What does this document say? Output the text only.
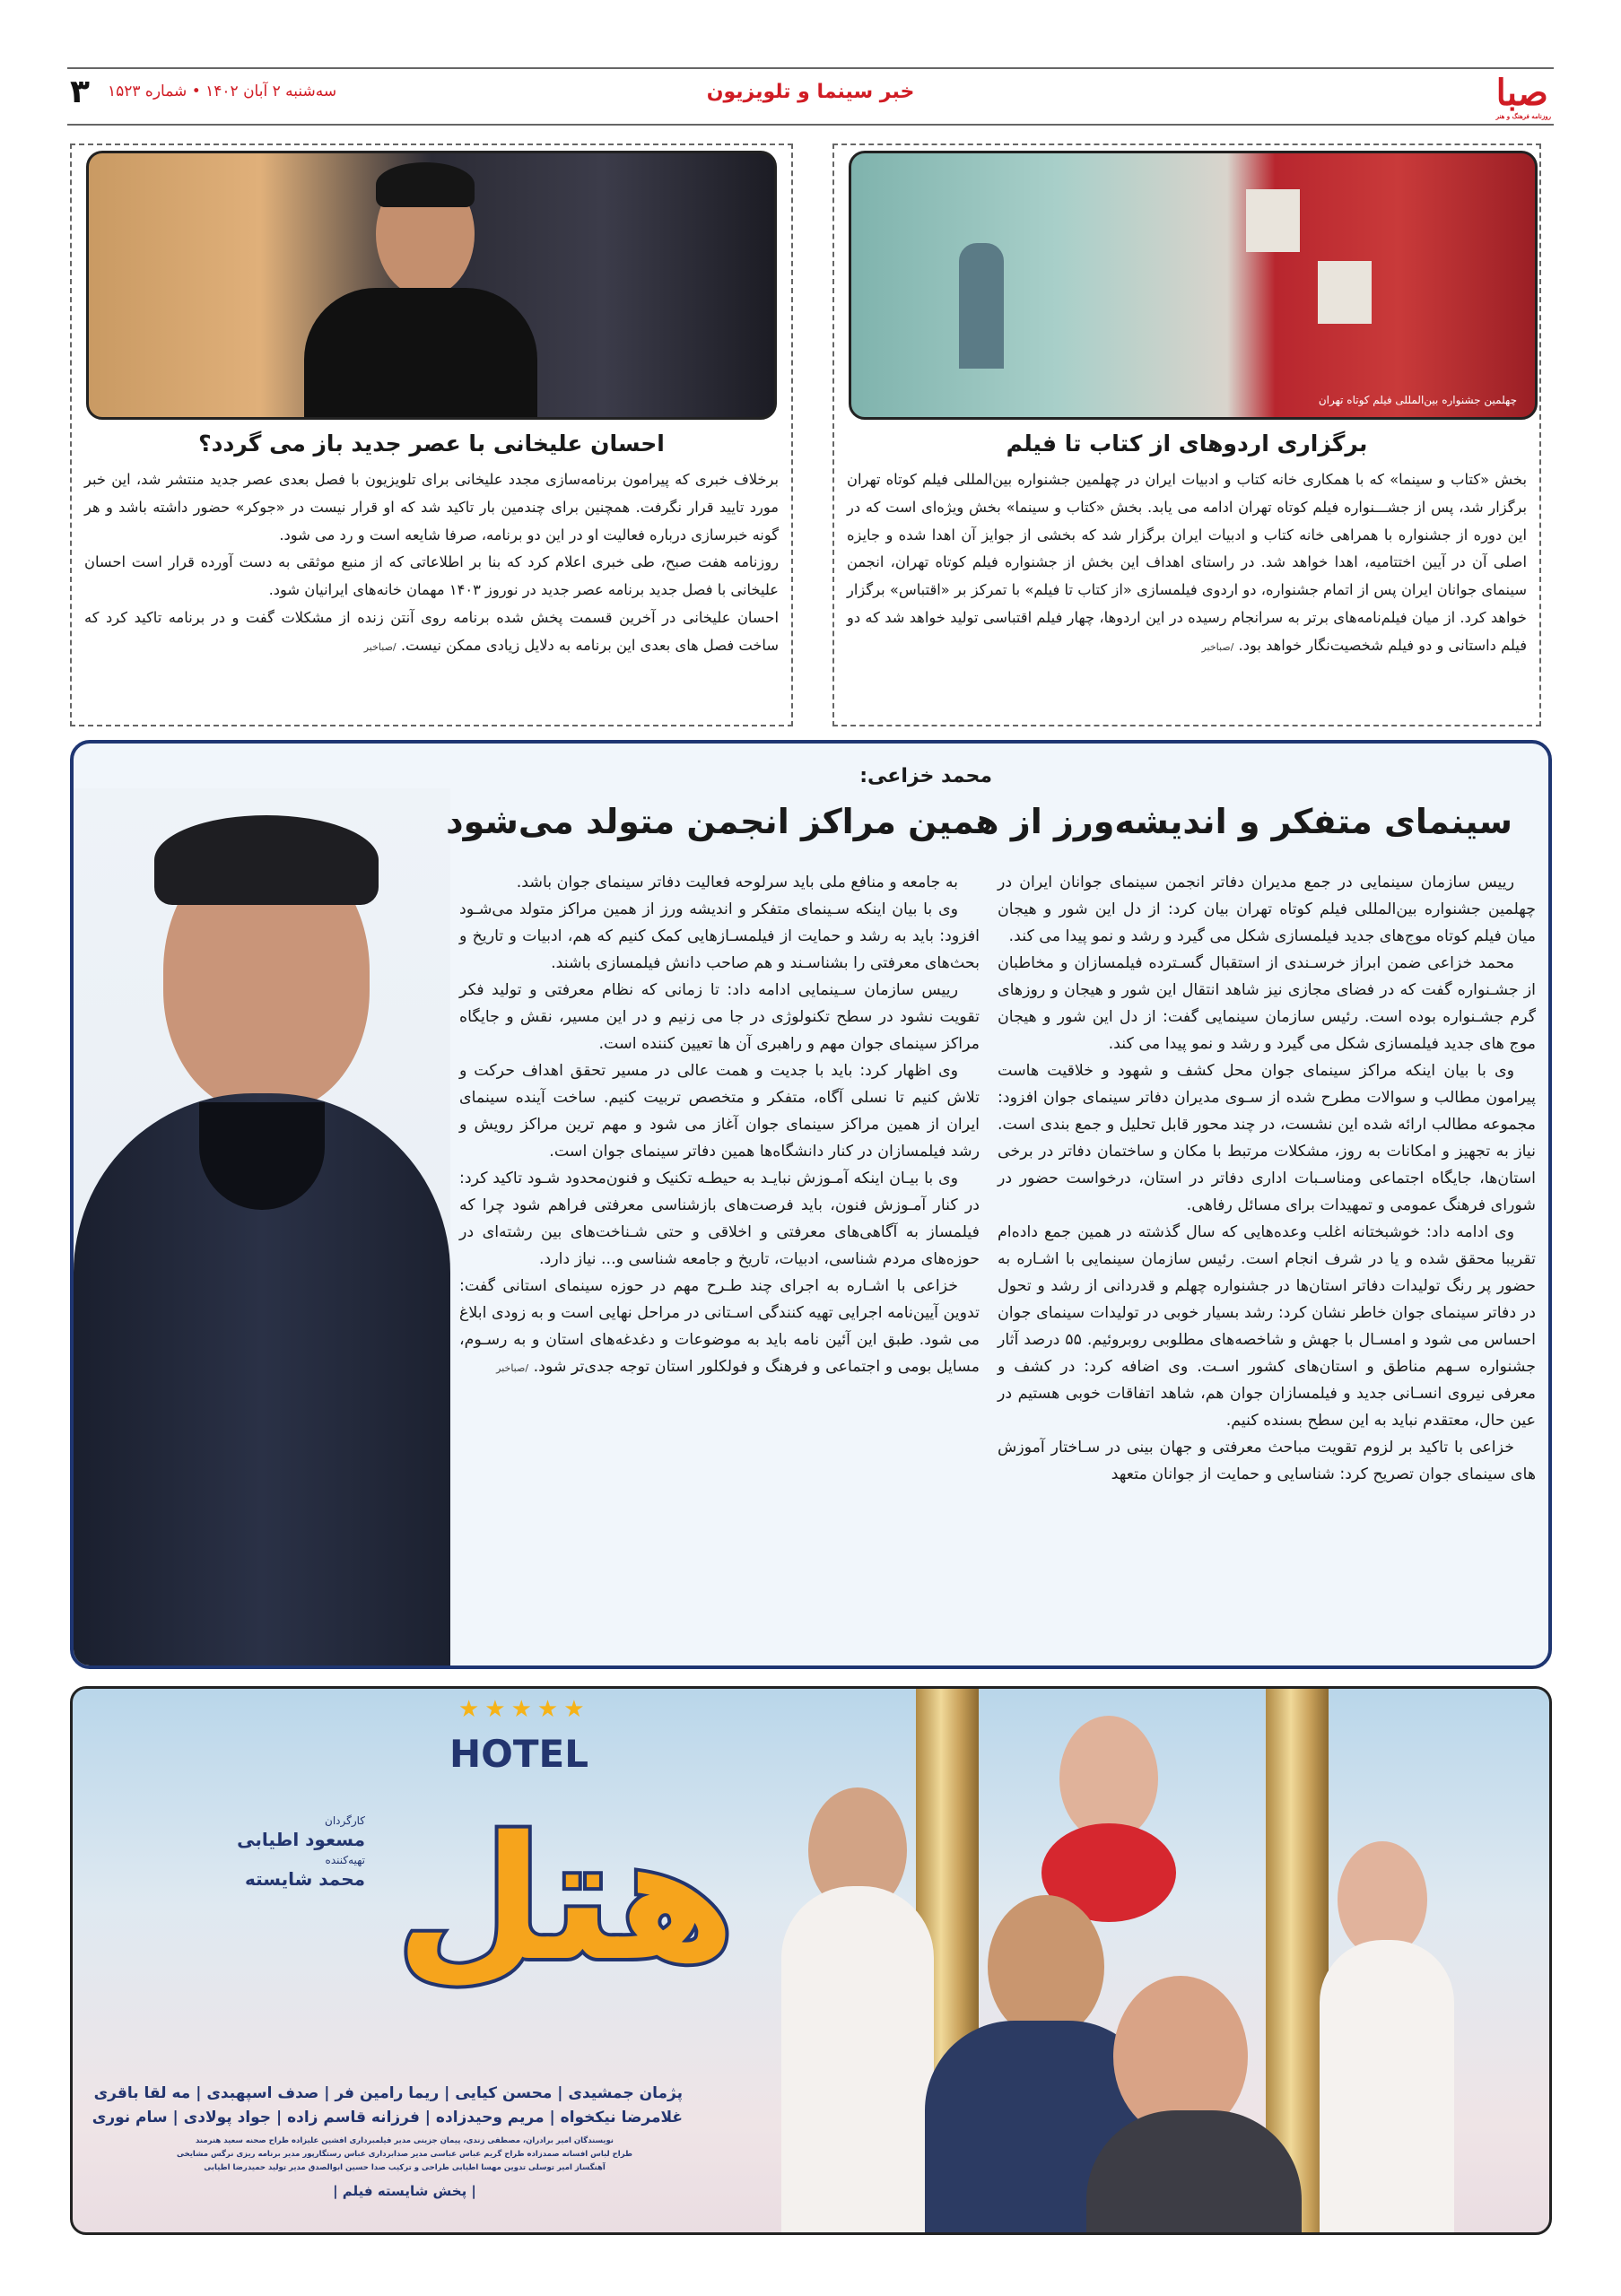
صبا
روزنامه فرهنگ و هنر
خبر سینما و تلویزیون
سه‌شنبه ۲ آبان ۱۴۰۲ • شماره ۱۵۲۳
۳
چهلمین جشنواره بین‌المللی فیلم کوتاه تهران
برگزاری اردوهای از کتاب تا فیلم
بخش «کتاب و سینما» که با همکاری خانه کتاب و ادبیات ایران در چهلمین جشنواره بین‌المللی فیلم کوتاه تهران برگزار شد، پس از جشـــنواره فیلم کوتاه تهران ادامه می یابد. بخش «کتاب و سینما» بخش ویژه‌ای است که در این دوره از جشنواره با همراهی خانه کتاب و ادبیات ایران برگزار شد که بخشی از جوایز آن اهدا شده و جایزه اصلی آن در آیین اختتامیه، اهدا خواهد شد. در راستای اهداف این بخش از جشنواره فیلم کوتاه تهران، انجمن سینمای جوانان ایران پس از اتمام جشنواره، دو اردوی فیلمسازی «از کتاب تا فیلم» با تمرکز بر «اقتباس» برگزار خواهد کرد. از میان فیلم‌نامه‌های برتر به سرانجام رسیده در این اردوها، چهار فیلم اقتباسی تولید خواهد شد که دو فیلم داستانی و دو فیلم شخصیت‌نگار خواهد بود. /صباخبر
احسان علیخانی با عصر جدید باز می گردد؟

برخلاف خبری که پیرامون برنامه‌سازی مجدد علیخانی برای تلویزیون با فصل بعدی عصر جدید منتشر شد، این خبر مورد تایید قرار نگرفت. همچنین برای چندمین بار تاکید شد که او قرار نیست در «جوکر» حضور داشته باشد و هر گونه خبرسازی درباره فعالیت او در این دو برنامه، صرفا شایعه است و رد می شود.

روزنامه هفت صبح، طی خبری اعلام کرد که بنا بر اطلاعاتی که از منبع موثقی به دست آورده قرار است احسان علیخانی با فصل جدید برنامه عصر جدید در نوروز ۱۴۰۳ مهمان خانه‌های ایرانیان شود.

احسان علیخانی در آخرین قسمت پخش شده برنامه روی آنتن زنده از مشکلات گفت و در برنامه تاکید کرد که ساخت فصل های بعدی این برنامه به دلایل زیادی ممکن نیست. /صباخبر

محمد خزاعی:
سینمای متفکر و اندیشه‌ورز از همین مراکز انجمن متولد می‌شود

رییس سازمان سینمایی در جمع مدیران دفاتر انجمن سینمای جوانان ایران در چهلمین جشنواره بین‌المللی فیلم کوتاه تهران بیان کرد: از دل این شور و هیجان میان فیلم کوتاه موج‌های جدید فیلمسازی شکل می گیرد و رشد و نمو پیدا می کند.

محمد خزاعی ضمن ابراز خرسـندی از استقبال گسـترده فیلمسازان و مخاطبان از جشـنواره گفت که در فضای مجازی نیز شاهد انتقال این شور و هیجان و روزهای گرم جشـنواره بوده است. رئیس سازمان سینمایی گفت: از دل این شور و هیجان موج های جدید فیلمسازی شکل می گیرد و رشد و نمو پیدا می کند.

وی با بیان اینکه مراکز سینمای جوان محل کشف و شهود و خلاقیت هاست پیرامون مطالب و سوالات مطرح شده از سـوی مدیران دفاتر سینمای جوان افزود: مجموعه مطالب ارائه شده این نشست، در چند محور قابل تحلیل و جمع بندی است. نیاز به تجهیز و امکانات به روز، مشکلات مرتبط با مکان و ساختمان دفاتر در برخی استان‌ها، جایگاه اجتماعی ومناسـبات اداری دفاتر در استان، درخواست حضور در شورای فرهنگ عمومی و تمهیدات برای مسائل رفاهی.

وی ادامه داد: خوشبختانه اغلب وعده‌هایی که سال گذشته در همین جمع داده‌ام تقریبا محقق شده و یا در شرف انجام است. رئیس سازمان سینمایی با اشـاره به حضور پر رنگ تولیدات دفاتر استان‌ها در جشنواره چهلم و قدردانی از رشد و تحول در دفاتر سینمای جوان خاطر نشان کرد: رشد بسیار خوبی در تولیدات سینمای جوان احساس می شود و امسـال با جهش و شاخصه‌های مطلوبی روبروئیم. ۵۵ درصد آثار جشنواره سـهم مناطق و استان‌های کشور اسـت. وی اضافه کرد: در کشف و معرفی نیروی انسـانی جدید و فیلمسازان جوان هم، شاهد اتفاقات خوبی هستیم در عین حال، معتقدم نباید به این سطح بسنده کنیم.

خزاعی با تاکید بر لزوم تقویت مباحث معرفتی و جهان بینی در سـاختار آموزش های سینمای جوان تصریح کرد: شناسایی و حمایت از جوانان متعهد

به جامعه و منافع ملی باید سرلوحه فعالیت دفاتر سینمای جوان باشد.

وی با بیان اینکه سـینمای متفکر و اندیشه ورز از همین مراکز متولد می‌شـود افزود: باید به رشد و حمایت از فیلمسـازهایی کمک کنیم که هم، ادبیات و تاریخ و بحث‌های معرفتی را بشناسـند و هم صاحب دانش فیلمسازی باشند.

رییس سازمان سـینمایی ادامه داد: تا زمانی که نظام معرفتی و تولید فکر تقویت نشود در سطح تکنولوژی در جا می زنیم و در این مسیر، نقش و جایگاه مراکز سینمای جوان مهم و راهبری آن ها تعیین کننده است.

وی اظهار کرد: باید با جدیت و همت عالی در مسیر تحقق اهداف حرکت و تلاش کنیم تا نسلی آگاه، متفکر و متخصص تربیت کنیم. ساخت آینده سینمای ایران از همین مراکز سینمای جوان آغاز می شود و مهم ترین مراکز رویش و رشد فیلمسازان در کنار دانشگاه‌ها همین دفاتر سینمای جوان است.

وی با بیـان اینکه آمـوزش نبایـد به حیطـه تکنیک و فنون‌محدود شـود تاکید کرد: در کنار آمـوزش فنون، باید فرصت‌های بازشناسی معرفتی فراهم شود چرا که فیلمساز به آگاهی‌های معرفتی و اخلاقی و حتی شـناخت‌های بین رشته‌ای در حوزه‌های مردم شناسی، ادبیات، تاریخ و جامعه شناسی و... نیاز دارد.

خزاعی با اشـاره به اجرای چند طـرح مهم در حوزه سینمای استانی گفت: تدوین آیین‌نامه اجرایی تهیه کنندگی اسـتانی در مراحل نهایی است و به زودی ابلاغ می شود. طبق این آئین نامه باید به موضوعات و دغدغه‌های استان و به رسـوم، مسایل بومی و اجتماعی و فرهنگ و فولکلور استان توجه جدی‌تر شود. /صباخبر

★★★★★
HOTEL
هتل
کارگردان
مسعود اطیابی
تهیه‌کننده
محمد شایسته
پژمان جمشیدی | محسن کیایی | ریما رامین فر | صدف اسپهبدی | مه لقا باقری
غلامرضا نیکخواه | مریم وحیدزاده | فرزانه قاسم زاده | جواد پولادی | سام نوری
نویسندگان امیر برادران، مصطفی زندی، پیمان جزینی مدیر فیلمبرداری افشین علیزاده طراح صحنه سعید هنرمند
طراح لباس افسانه صمدزاده طراح گریم عباس عباسی مدیر صدابرداری عباس رستگارپور مدیر برنامه ریزی نرگس مشایخی
آهنگساز امیر توسلی تدوین مهسا اطیابی طراحی و ترکیب صدا حسین ابوالصدق مدیر تولید حمیدرضا اطیابی
| پخش شایسته فیلم |
